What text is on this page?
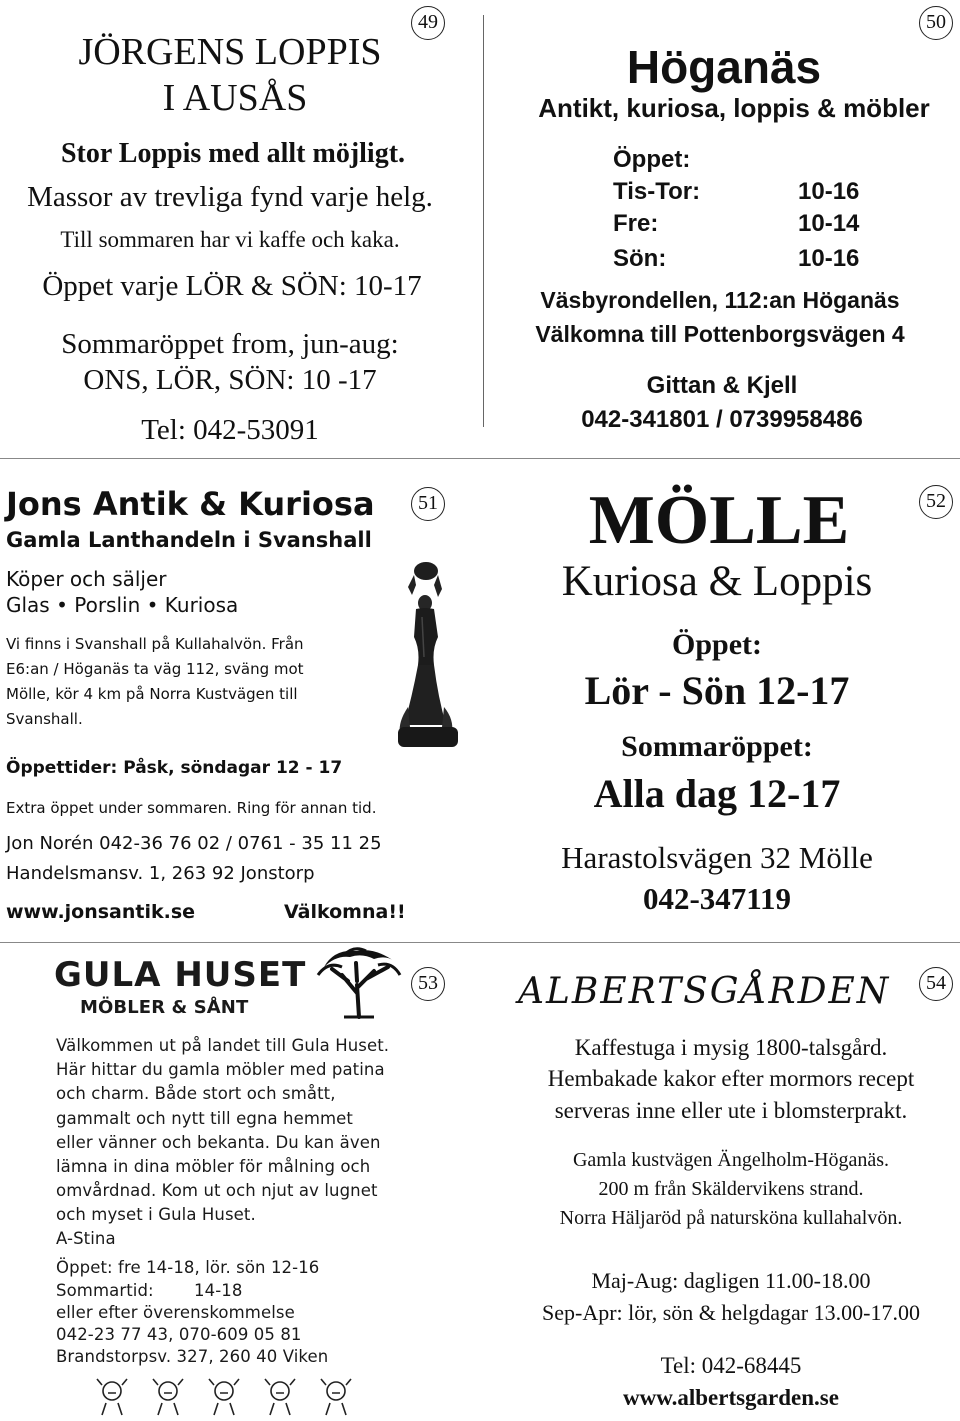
49
JÖRGENS LOPPIS
I AUSÅS
Stor Loppis med allt möjligt.
Massor av trevliga fynd varje helg.
Till sommaren har vi kaffe och kaka.
Öppet varje LÖR & SÖN: 10-17
Sommaröppet from, jun-aug:
ONS, LÖR, SÖN: 10 -17
Tel: 042-53091
50
Höganäs
Antikt, kuriosa, loppis & möbler
Öppet:
Tis-Tor:	10-16
Fre:	10-14
Sön:	10-16
Väsbyrondellen, 112:an Höganäs
Välkomna till Pottenborgsvägen 4
Gittan & Kjell
042-341801 / 0739958486
51
Jons Antik & Kuriosa
Gamla Lanthandeln i Svanshall
Köper och säljer
Glas • Porslin • Kuriosa
Vi finns i Svanshall på Kullahalvön. Från
E6:an / Höganäs ta väg 112, sväng mot
Mölle, kör 4 km på Norra Kustvägen till
Svanshall.
Öppettider: Påsk, söndagar 12 - 17
Extra öppet under sommaren. Ring för annan tid.
Jon Norén 042-36 76 02 / 0761 - 35 11 25
Handelsmansv. 1, 263 92 Jonstorp
www.jonsantik.se	Välkomna!!
52
MÖLLE
Kuriosa & Loppis
Öppet:
Lör - Sön 12-17
Sommaröppet:
Alla dag 12-17
Harastolsvägen 32 Mölle
042-347119
53
GULA HUSET
MÖBLER & SÅNT
Välkommen ut på landet till Gula Huset.
Här hittar du gamla möbler med patina
och charm. Både stort och smått,
gammalt och nytt till egna hemmet
eller vänner och bekanta. Du kan även
lämna in dina möbler för målning och
omvårdnad. Kom ut och njut av lugnet
och myset i Gula Huset.
A-Stina
Öppet: fre 14-18, lör. sön 12-16
Sommartid: 14-18
eller efter överenskommelse
042-23 77 43, 070-609 05 81
Brandstorpsv. 327, 260 40 Viken
54
ALBERTSGÅRDEN
Kaffestuga i mysig 1800-talsgård.
Hembakade kakor efter mormors recept
serveras inne eller ute i blomsterprakt.
Gamla kustvägen Ängelholm-Höganäs.
200 m från Skäldervikens strand.
Norra Häljaröd på natursköna kullahalvön.
Maj-Aug: dagligen 11.00-18.00
Sep-Apr: lör, sön & helgdagar 13.00-17.00
Tel: 042-68445
www.albertsgarden.se
